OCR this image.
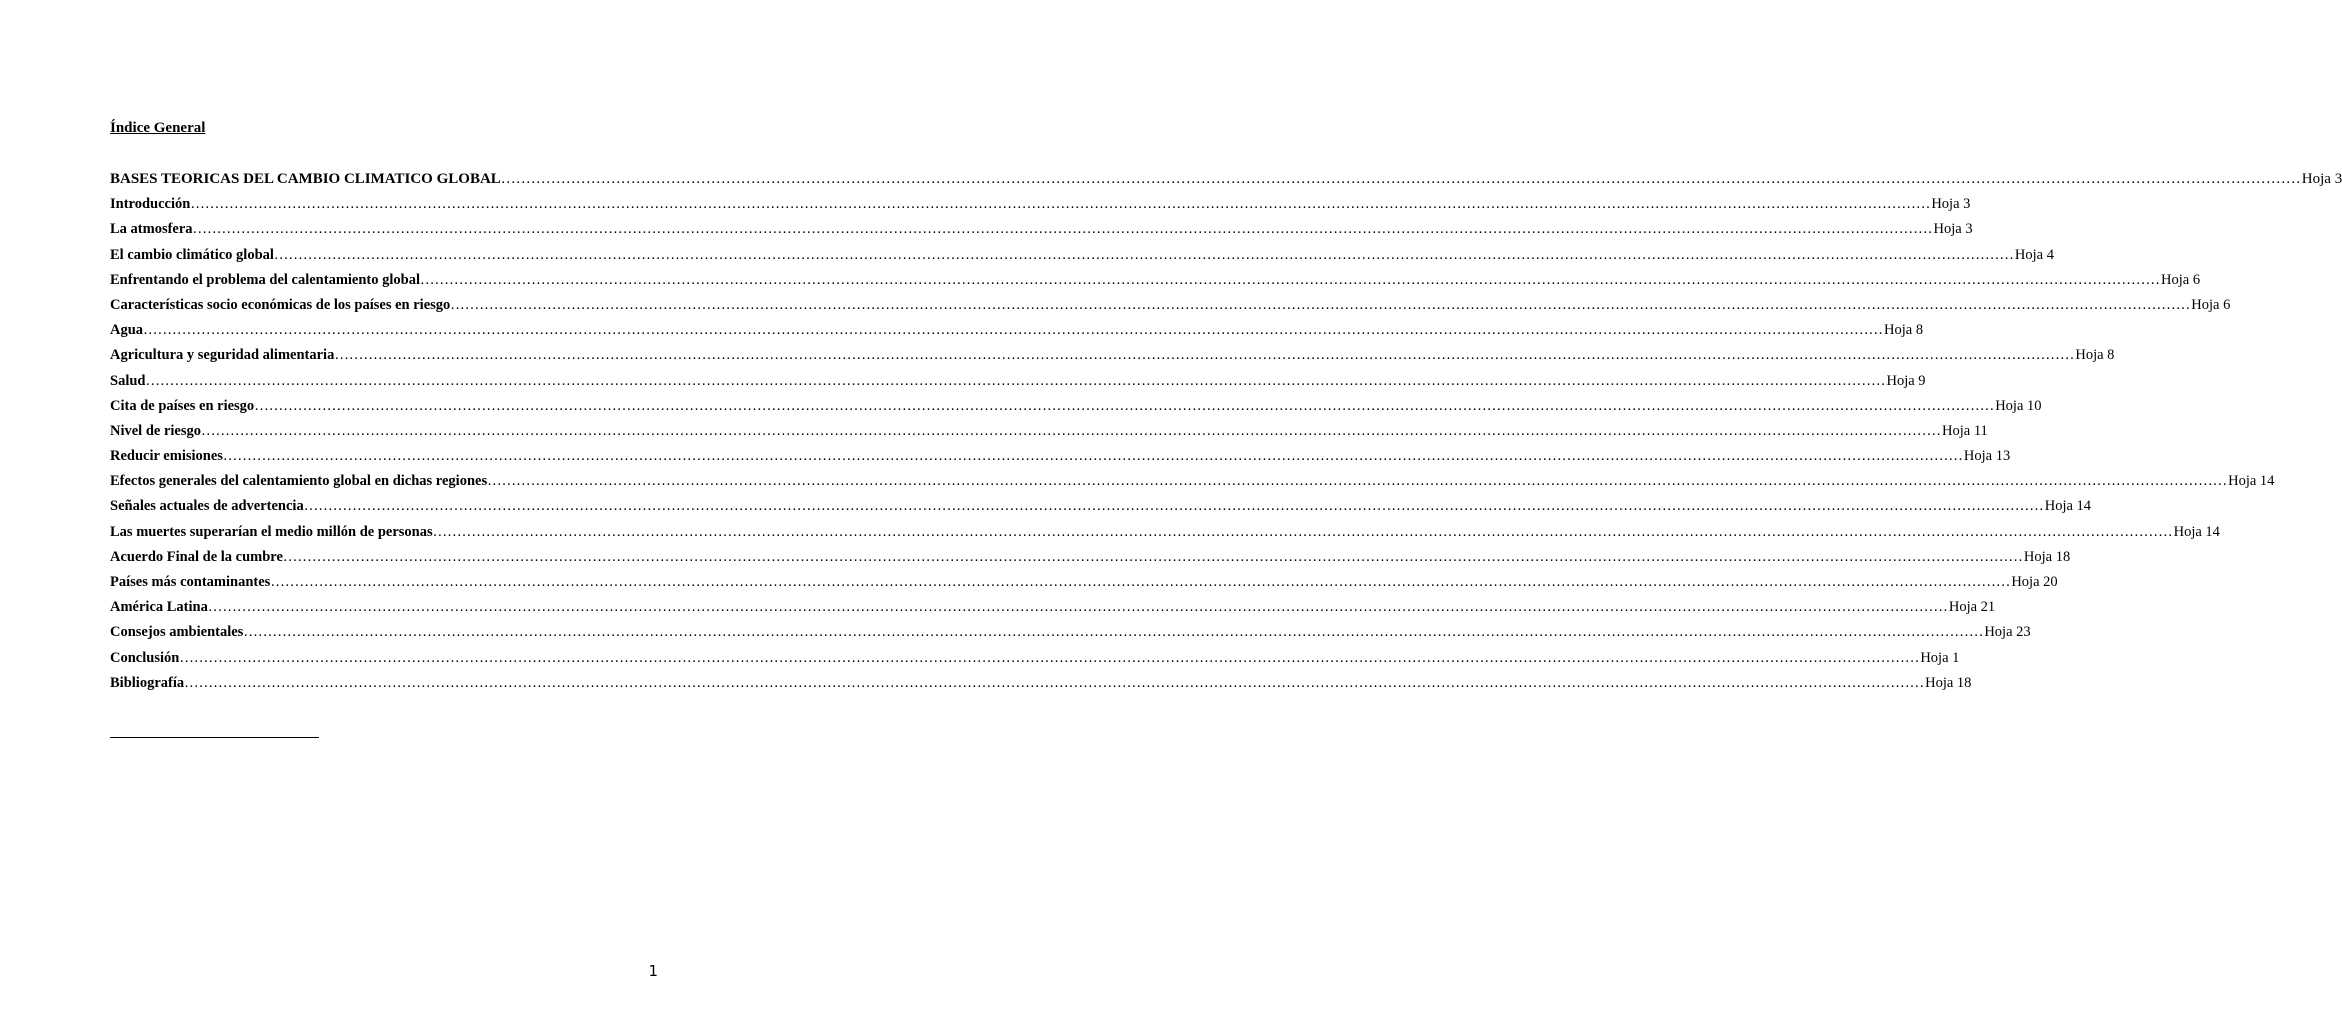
Índice General
BASES TEORICAS DEL CAMBIO CLIMATICO GLOBAL ……………………………………………………………………………………………………………………………………………………………………………………………………………………………………………………………………………………………………………………………… Hoja 3
Introducción ……………………………………………………………………………………………………………………………………………………………………………………………………………………………………………………………………………………………………………………………… Hoja 3
La atmosfera ……………………………………………………………………………………………………………………………………………………………………………………………………………………………………………………………………………………………………………………………… Hoja 3
El cambio climático global ……………………………………………………………………………………………………………………………………………………………………………………………………………………………………………………………………………………………………………………………… Hoja 4
Enfrentando el problema del calentamiento global ……………………………………………………………………………………………………………………………………………………………………………………………………………………………………………………………………………………………………………………………… Hoja 6
Características socio económicas de los países en riesgo ……………………………………………………………………………………………………………………………………………………………………………………………………………………………………………………………………………………………………………………………… Hoja 6
Agua ……………………………………………………………………………………………………………………………………………………………………………………………………………………………………………………………………………………………………………………………… Hoja 8
Agricultura y seguridad alimentaria ……………………………………………………………………………………………………………………………………………………………………………………………………………………………………………………………………………………………………………………………… Hoja 8
Salud ……………………………………………………………………………………………………………………………………………………………………………………………………………………………………………………………………………………………………………………………… Hoja 9
Cita de países en riesgo ……………………………………………………………………………………………………………………………………………………………………………………………………………………………………………………………………………………………………………………………… Hoja 10
Nivel de riesgo ……………………………………………………………………………………………………………………………………………………………………………………………………………………………………………………………………………………………………………………………… Hoja 11
Reducir emisiones ……………………………………………………………………………………………………………………………………………………………………………………………………………………………………………………………………………………………………………………………… Hoja 13
Efectos generales del calentamiento global en dichas regiones ……………………………………………………………………………………………………………………………………………………………………………………………………………………………………………………………………………………………………………………………… Hoja 14
Señales actuales de advertencia ……………………………………………………………………………………………………………………………………………………………………………………………………………………………………………………………………………………………………………………………… Hoja 14
Las muertes superarían el medio millón de personas ……………………………………………………………………………………………………………………………………………………………………………………………………………………………………………………………………………………………………………………………… Hoja 14
Acuerdo Final de la cumbre ……………………………………………………………………………………………………………………………………………………………………………………………………………………………………………………………………………………………………………………………… Hoja 18
Países más contaminantes ……………………………………………………………………………………………………………………………………………………………………………………………………………………………………………………………………………………………………………………………… Hoja 20
América Latina ……………………………………………………………………………………………………………………………………………………………………………………………………………………………………………………………………………………………………………………………… Hoja 21
Consejos ambientales ……………………………………………………………………………………………………………………………………………………………………………………………………………………………………………………………………………………………………………………………… Hoja 23
Conclusión ……………………………………………………………………………………………………………………………………………………………………………………………………………………………………………………………………………………………………………………………… Hoja 1
Bibliografía ……………………………………………………………………………………………………………………………………………………………………………………………………………………………………………………………………………………………………………………………… Hoja 18
1
